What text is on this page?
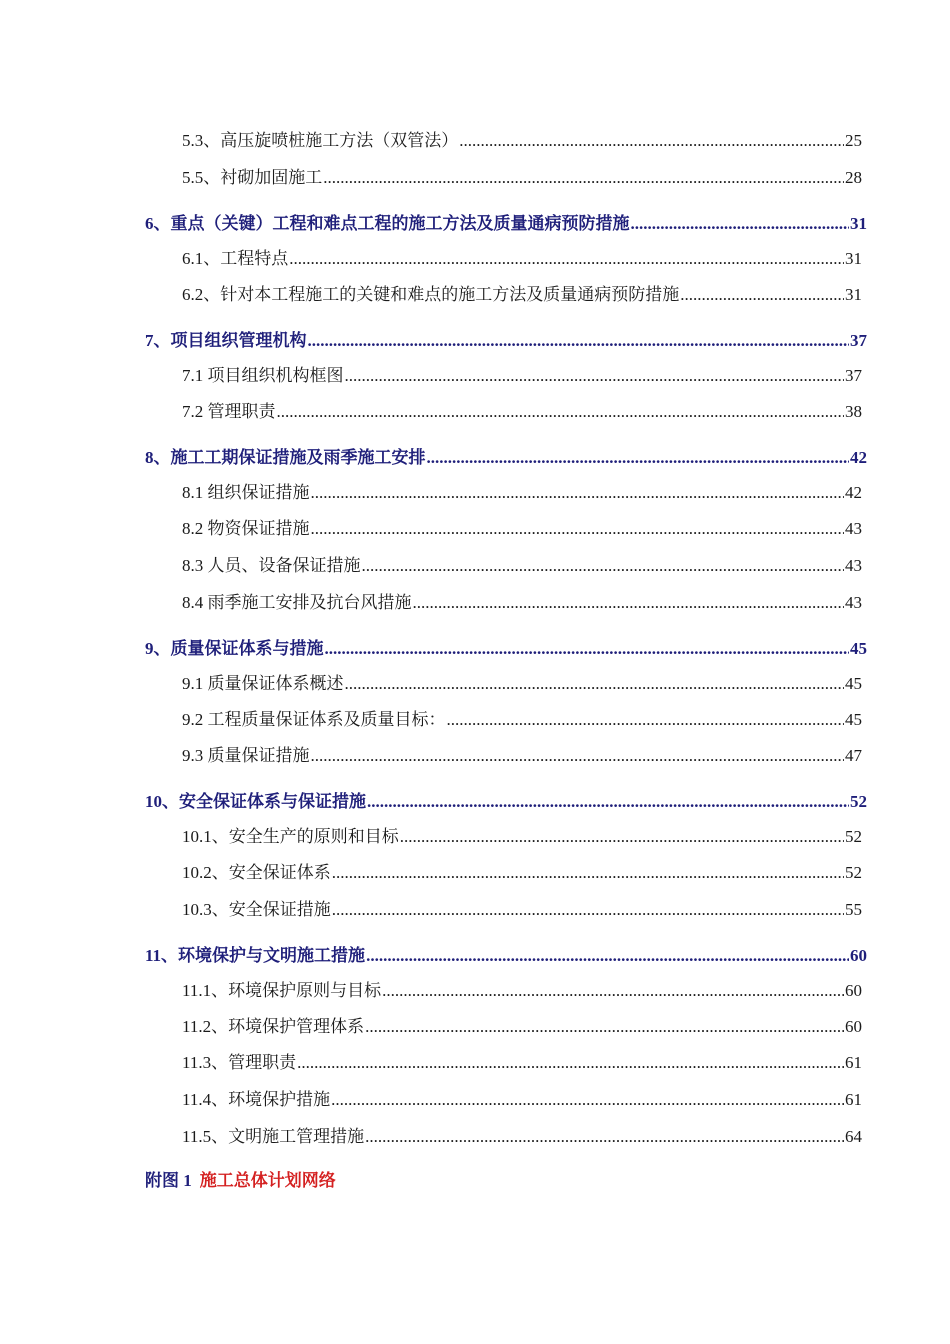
5.3、高压旋喷桩施工方法（双管法） .....	25
5.5、衬砌加固施工 .....	28
6、重点（关键）工程和难点工程的施工方法及质量通病预防措施 .....	31
6.1、工程特点 .....	31
6.2、针对本工程施工的关键和难点的施工方法及质量通病预防措施 .....	31
7、项目组织管理机构 .....	37
7.1 项目组织机构框图 .....	37
7.2 管理职责 .....	38
8、施工工期保证措施及雨季施工安排 .....	42
8.1 组织保证措施 .....	42
8.2 物资保证措施 .....	43
8.3 人员、设备保证措施 .....	43
8.4 雨季施工安排及抗台风措施 .....	43
9、质量保证体系与措施 .....	45
9.1 质量保证体系概述 .....	45
9.2 工程质量保证体系及质量目标： .....	45
9.3 质量保证措施 .....	47
10、安全保证体系与保证措施 .....	52
10.1、安全生产的原则和目标 .....	52
10.2、安全保证体系 .....	52
10.3、安全保证措施 .....	55
11、环境保护与文明施工措施 .....	60
11.1、环境保护原则与目标 .....	60
11.2、环境保护管理体系 .....	60
11.3、管理职责 .....	61
11.4、环境保护措施 .....	61
11.5、文明施工管理措施 .....	64
附图 1 施工总体计划网络
